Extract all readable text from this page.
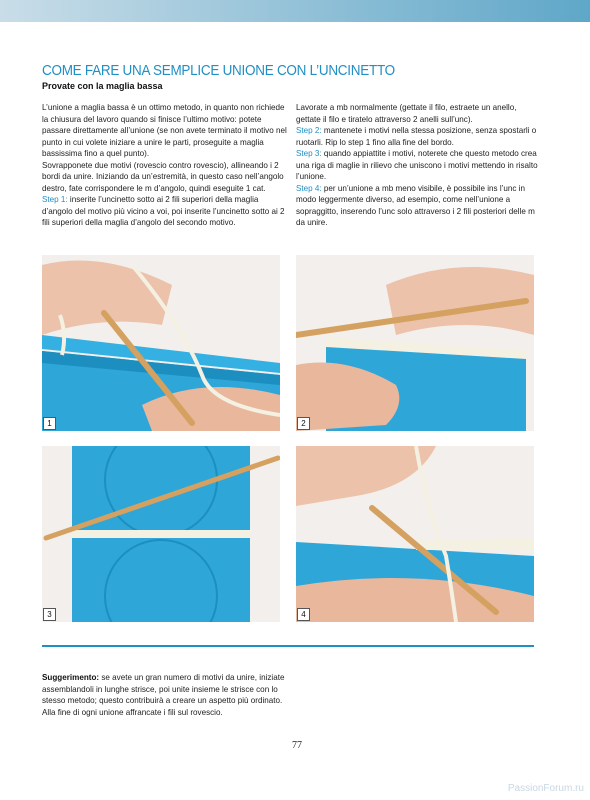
COME FARE UNA SEMPLICE UNIONE CON L’UNCINETTO
Provate con la maglia bassa

L’unione a maglia bassa è un ottimo metodo, in quanto non richiede la chiusura del lavoro quando si finisce l’ultimo motivo: potete passare direttamente all’unione (se non avete terminato il motivo nel punto in cui volete iniziare a unire le parti, proseguite a maglia bassissima fino a quel punto).

Sovrapponete due motivi (rovescio contro rovescio), allineando i 2 bordi da unire. Iniziando da un’estremità, in questo caso nell’angolo destro, fate corrispondere le m d’angolo, quindi eseguite 1 cat.

Step 1: inserite l’uncinetto sotto ai 2 fili superiori della maglia d’angolo del motivo più vicino a voi, poi inserite l’uncinetto sotto ai 2 fili superiori della maglia d’angolo del secondo motivo.

Lavorate a mb normalmente (gettate il filo, estraete un anello, gettate il filo e tiratelo attraverso 2 anelli sull’unc).

Step 2: mantenete i motivi nella stessa posizione, senza spostarli o ruotarli. Rip lo step 1 fino alla fine del bordo.

Step 3: quando appiattite i motivi, noterete che questo metodo crea una riga di maglie in rilievo che uniscono i motivi mettendo in risalto l’unione.

Step 4: per un’unione a mb meno visibile, è possibile ins l’unc in modo leggermente diverso, ad esempio, come nell’unione a sopraggitto, inserendo l’unc solo attraverso i 2 fili posteriori delle m da unire.

1	2
3	4
Suggerimento: se avete un gran numero di motivi da unire, iniziate assemblandoli in lunghe strisce, poi unite insieme le strisce con lo stesso metodo; questo contribuirà a creare un aspetto più ordinato. Alla fine di ogni unione affrancate i fili sul rovescio.
77
PassionForum.ru
